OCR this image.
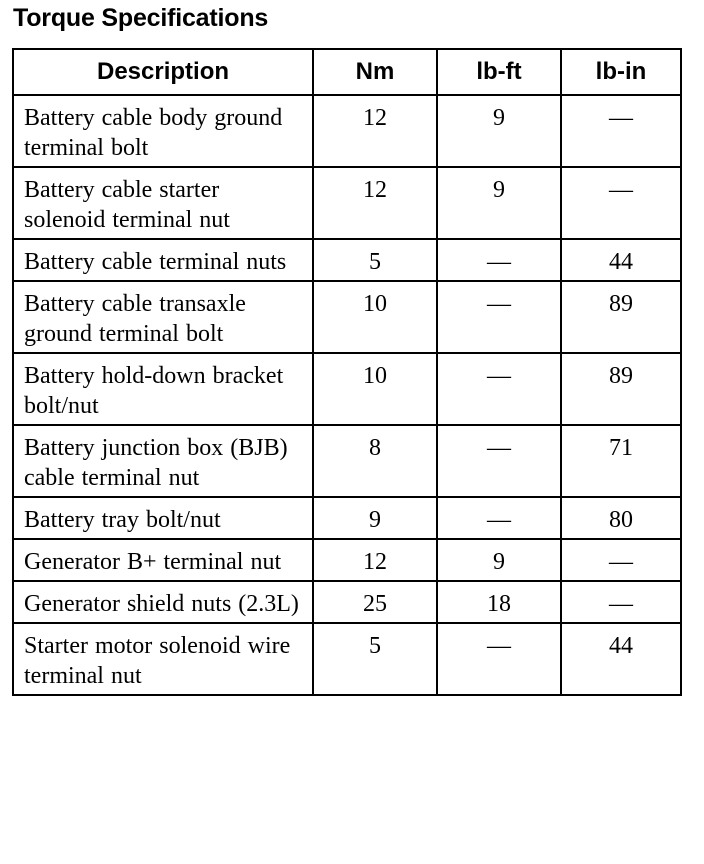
Torque Specifications
Description	Nm	lb-ft	lb-in
Battery cable body ground terminal bolt	12	9	—
Battery cable starter solenoid terminal nut	12	9	—
Battery cable terminal nuts	5	—	44
Battery cable transaxle ground terminal bolt	10	—	89
Battery hold-down bracket bolt/nut	10	—	89
Battery junction box (BJB) cable terminal nut	8	—	71
Battery tray bolt/nut	9	—	80
Generator B+ terminal nut	12	9	—
Generator shield nuts (2.3L)	25	18	—
Starter motor solenoid wire terminal nut	5	—	44
